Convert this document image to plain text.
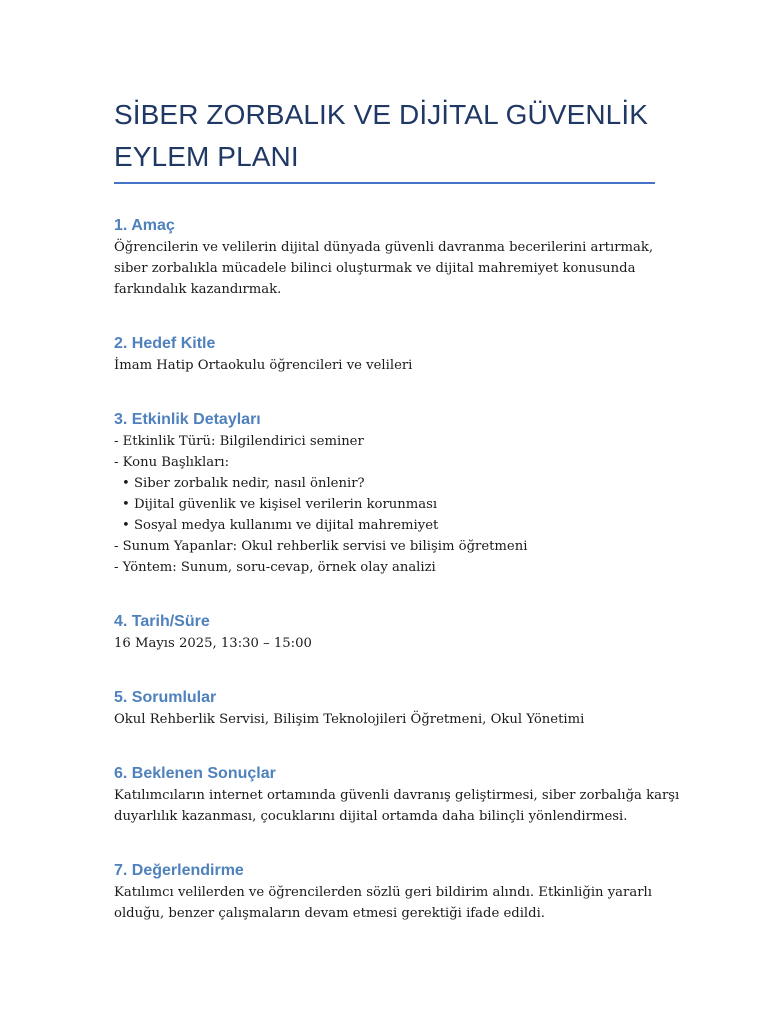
SİBER ZORBALIK VE DİJİTAL GÜVENLİK
EYLEM PLANI
1. Amaç

Öğrencilerin ve velilerin dijital dünyada güvenli davranma becerilerini artırmak,
siber zorbalıkla mücadele bilinci oluşturmak ve dijital mahremiyet konusunda
farkındalık kazandırmak.

2. Hedef Kitle

İmam Hatip Ortaokulu öğrencileri ve velileri

3. Etkinlik Detayları

- Etkinlik Türü: Bilgilendirici seminer
- Konu Başlıkları:
• Siber zorbalık nedir, nasıl önlenir?
• Dijital güvenlik ve kişisel verilerin korunması
• Sosyal medya kullanımı ve dijital mahremiyet
- Sunum Yapanlar: Okul rehberlik servisi ve bilişim öğretmeni
- Yöntem: Sunum, soru-cevap, örnek olay analizi

4. Tarih/Süre

16 Mayıs 2025, 13:30 – 15:00

5. Sorumlular

Okul Rehberlik Servisi, Bilişim Teknolojileri Öğretmeni, Okul Yönetimi

6. Beklenen Sonuçlar

Katılımcıların internet ortamında güvenli davranış geliştirmesi, siber zorbalığa karşı
duyarlılık kazanması, çocuklarını dijital ortamda daha bilinçli yönlendirmesi.

7. Değerlendirme

Katılımcı velilerden ve öğrencilerden sözlü geri bildirim alındı. Etkinliğin yararlı
olduğu, benzer çalışmaların devam etmesi gerektiği ifade edildi.
